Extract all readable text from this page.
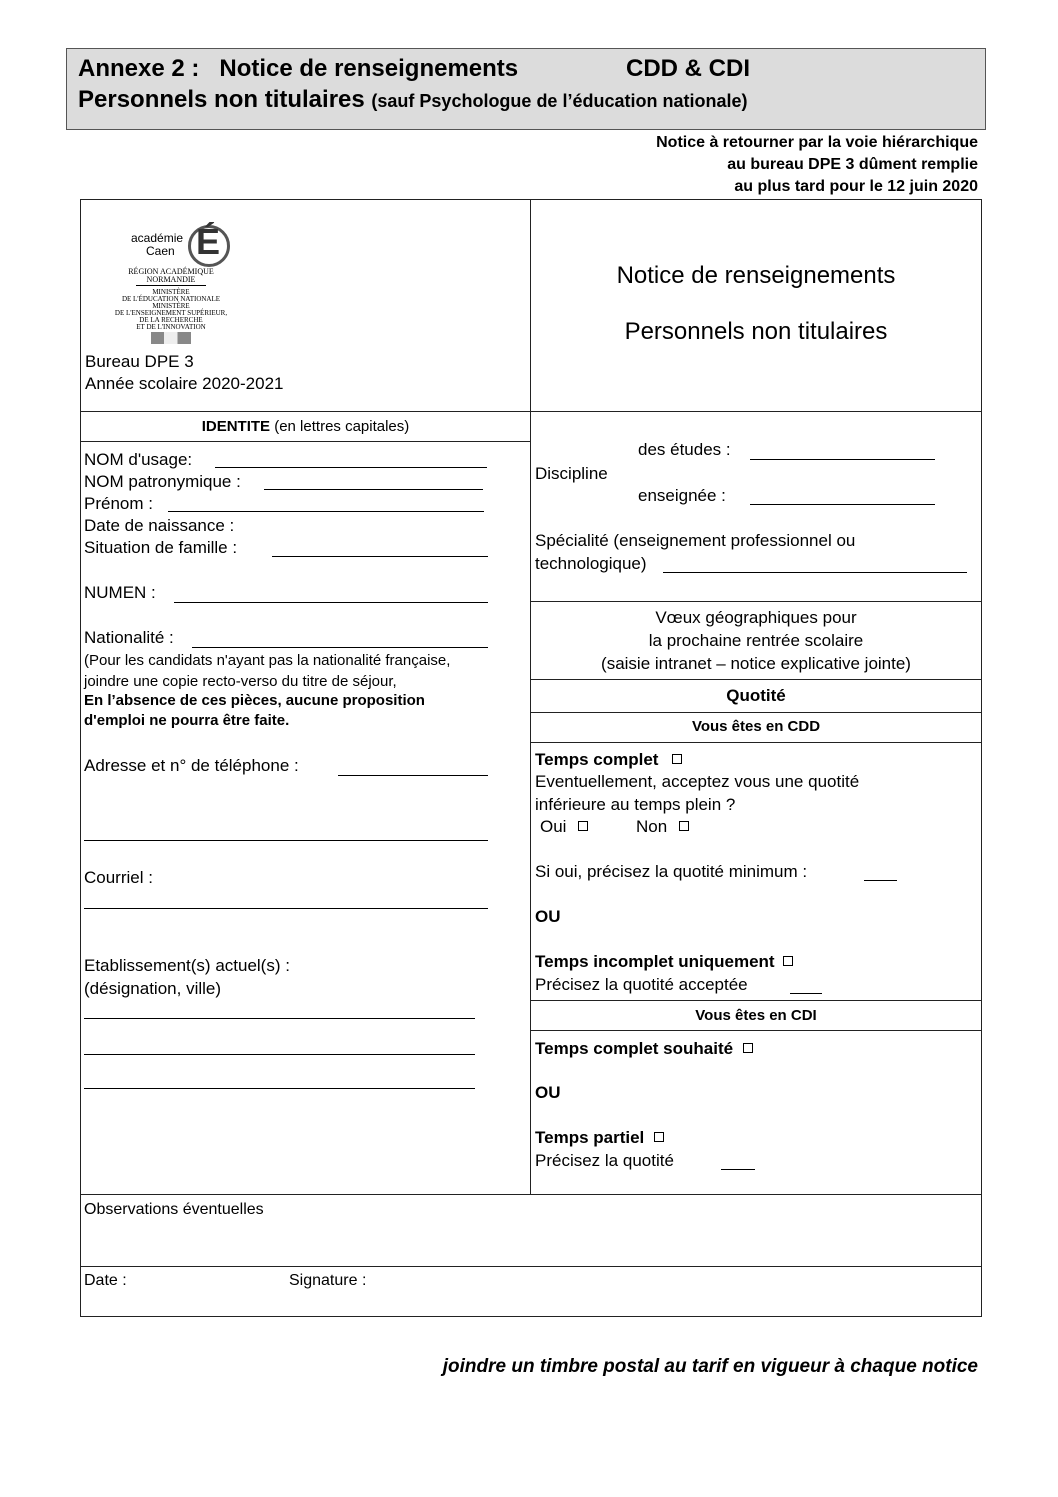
Annexe 2 :   Notice de renseignements	CDD & CDI
Personnels non titulaires (sauf Psychologue de l’éducation nationale)
Notice à retourner par la voie hiérarchique
au bureau DPE 3 dûment remplie
au plus tard pour le 12 juin 2020
académie
Caen É
RÉGION ACADÉMIQUE
NORMANDIE
MINISTÈRE
DE L'ÉDUCATION NATIONALE
MINISTÈRE
DE L'ENSEIGNEMENT SUPÉRIEUR,
DE LA RECHERCHE
ET DE L'INNOVATION
Bureau DPE 3
Année scolaire 2020-2021
Notice de renseignements
Personnels non titulaires
IDENTITE (en lettres capitales)
NOM d'usage:
NOM patronymique :
Prénom :
Date de naissance :
Situation de famille :
NUMEN :
Nationalité :
(Pour les candidats n'ayant pas la nationalité française,
joindre une copie recto-verso du titre de séjour,
En l’absence de ces pièces, aucune proposition
d'emploi ne pourra être faite.
Adresse et n° de téléphone :
Courriel :
Etablissement(s) actuel(s) :
(désignation, ville)
des études :
Discipline
enseignée :
Spécialité (enseignement professionnel ou
technologique)
Vœux géographiques pour
la prochaine rentrée scolaire
(saisie intranet – notice explicative jointe)
Quotité
Vous êtes en CDD
Temps complet
Eventuellement, acceptez vous une quotité
inférieure au temps plein ?
Oui	Non
Si oui, précisez la quotité minimum :
OU
Temps incomplet uniquement
Précisez la quotité acceptée
Vous êtes en CDI
Temps complet souhaité
OU
Temps partiel
Précisez la quotité
Observations éventuelles
Date :	Signature :
joindre un timbre postal au tarif en vigueur à chaque notice
